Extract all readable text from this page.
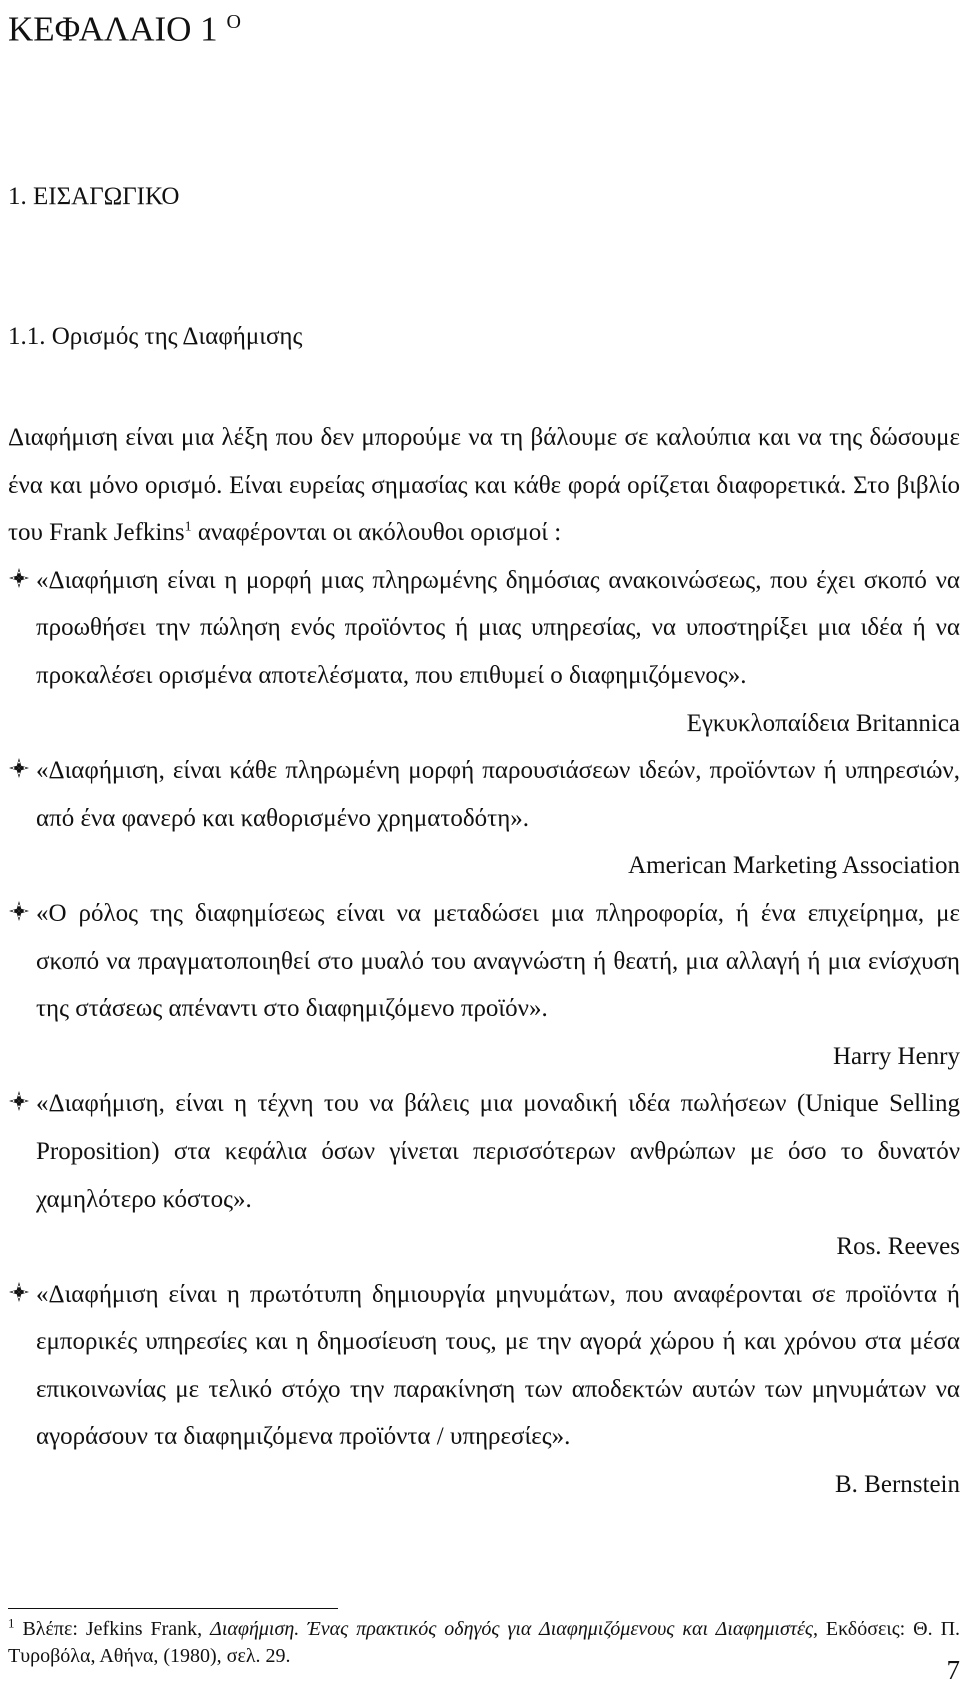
ΚΕΦΑΛΑΙΟ 1 $^O$
1. ΕΙΣΑΓΩΓΙΚΟ
1.1. Ορισμός της Διαφήμισης

Διαφήμιση είναι μια λέξη που δεν μπορούμε να τη βάλουμε σε καλούπια και να της δώσουμε ένα και μόνο ορισμό. Είναι ευρείας σημασίας και κάθε φορά ορίζεται διαφορετικά. Στο βιβλίο του Frank Jefkins$^1$ αναφέρονται οι ακόλουθοι ορισμοί :

«Διαφήμιση είναι η μορφή μιας πληρωμένης δημόσιας ανακοινώσεως, που έχει σκοπό να προωθήσει την πώληση ενός προϊόντος ή μιας υπηρεσίας, να υποστηρίξει μια ιδέα ή να προκαλέσει ορισμένα αποτελέσματα, που επιθυμεί ο διαφημιζόμενος».

Εγκυκλοπαίδεια Britannica

«Διαφήμιση, είναι κάθε πληρωμένη μορφή παρουσιάσεων ιδεών, προϊόντων ή υπηρεσιών, από ένα φανερό και καθορισμένο χρηματοδότη».

American Marketing Association

«Ο ρόλος της διαφημίσεως είναι να μεταδώσει μια πληροφορία, ή ένα επιχείρημα, με σκοπό να πραγματοποιηθεί στο μυαλό του αναγνώστη ή θεατή, μια αλλαγή ή μια ενίσχυση της στάσεως απέναντι στο διαφημιζόμενο προϊόν».

Harry Henry

«Διαφήμιση, είναι η τέχνη του να βάλεις μια μοναδική ιδέα πωλήσεων (Unique Selling Proposition) στα κεφάλια όσων γίνεται περισσότερων ανθρώπων με όσο το δυνατόν χαμηλότερο κόστος».

Ros. Reeves

«Διαφήμιση είναι η πρωτότυπη δημιουργία μηνυμάτων, που αναφέρονται σε προϊόντα ή εμπορικές υπηρεσίες και η δημοσίευση τους, με την αγορά χώρου ή και χρόνου στα μέσα επικοινωνίας με τελικό στόχο την παρακίνηση των αποδεκτών αυτών των μηνυμάτων να αγοράσουν τα διαφημιζόμενα προϊόντα / υπηρεσίες».

B. Bernstein

$^1$ Βλέπε: Jefkins Frank, Διαφήμιση. Ένας πρακτικός οδηγός για Διαφημιζόμενους και Διαφημιστές, Εκδόσεις: Θ. Π. Τυροβόλα, Αθήνα, (1980), σελ. 29.	7
